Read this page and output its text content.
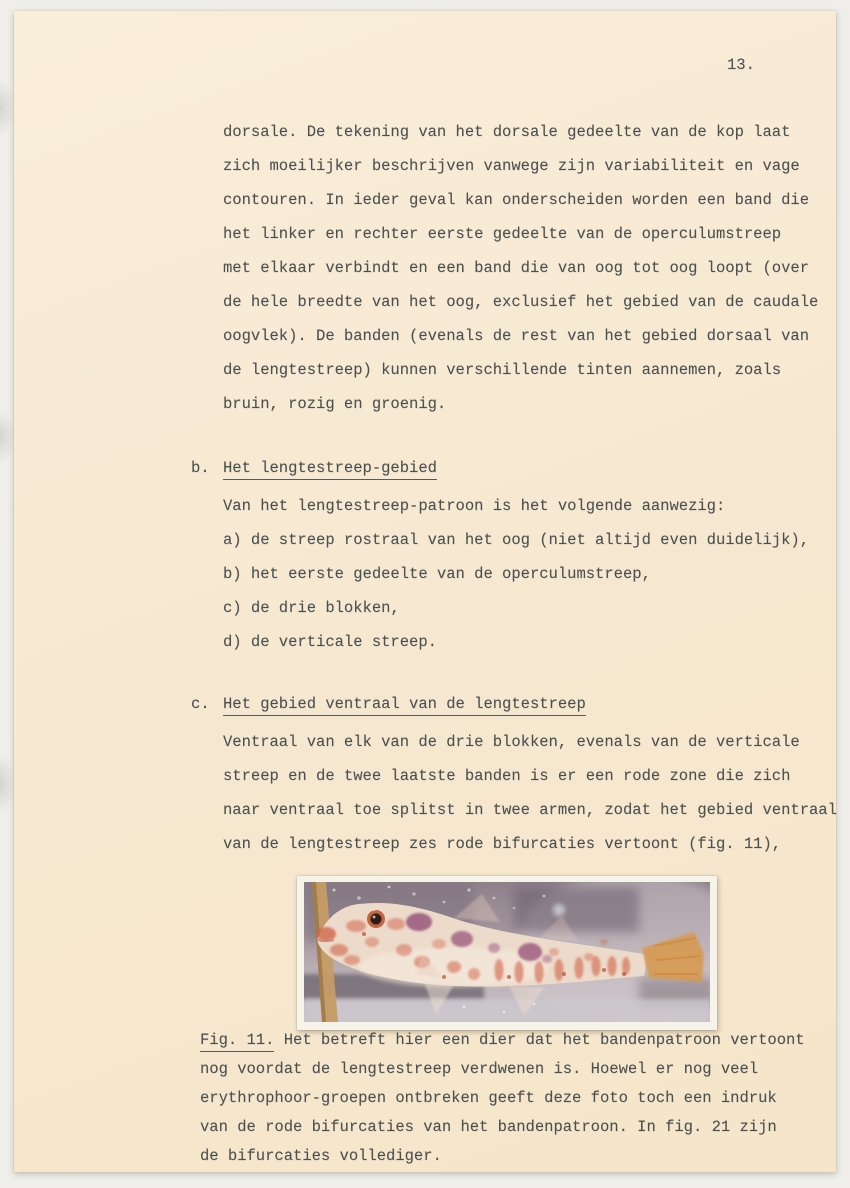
13.
dorsale. De tekening van het dorsale gedeelte van de kop laat
zich moeilijker beschrijven vanwege zijn variabiliteit en vage
contouren. In ieder geval kan onderscheiden worden een band die
het linker en rechter eerste gedeelte van de operculumstreep
met elkaar verbindt en een band die van oog tot oog loopt (over
de hele breedte van het oog, exclusief het gebied van de caudale
oogvlek). De banden (evenals de rest van het gebied dorsaal van
de lengtestreep) kunnen verschillende tinten aannemen, zoals
bruin, rozig en groenig.
b. Het lengtestreep-gebied
Van het lengtestreep-patroon is het volgende aanwezig:
a) de streep rostraal van het oog (niet altijd even duidelijk),
b) het eerste gedeelte van de operculumstreep,
c) de drie blokken,
d) de verticale streep.
c. Het gebied ventraal van de lengtestreep
Ventraal van elk van de drie blokken, evenals van de verticale
streep en de twee laatste banden is er een rode zone die zich
naar ventraal toe splitst in twee armen, zodat het gebied ventraal
van de lengtestreep zes rode bifurcaties vertoont (fig. 11),
Fig. 11. Het betreft hier een dier dat het bandenpatroon vertoont
nog voordat de lengtestreep verdwenen is. Hoewel er nog veel
erythrophoor-groepen ontbreken geeft deze foto toch een indruk
van de rode bifurcaties van het bandenpatroon. In fig. 21 zijn
de bifurcaties vollediger.
